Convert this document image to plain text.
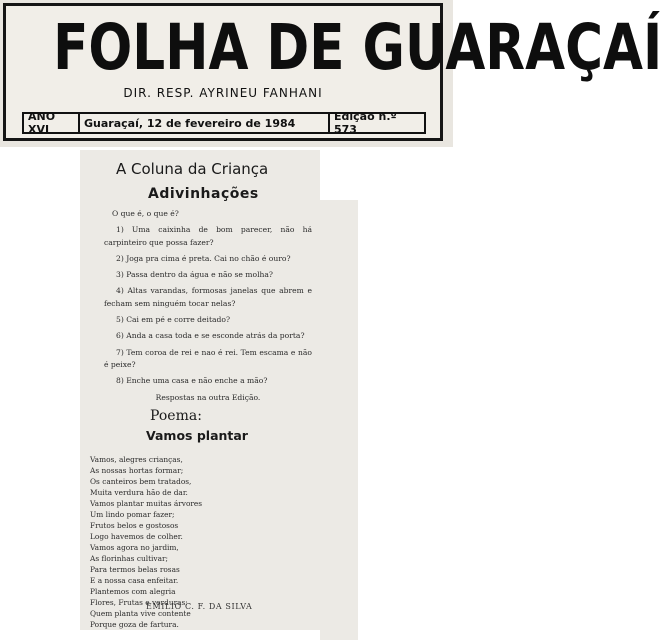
FOLHA DE GUARAÇAÍ
DIR. RESP. AYRINEU FANHANI
ANO XVI	Guaraçaí, 12 de fevereiro de 1984	Edição n.º 573
A Coluna da Criança
Adivinhações

O que é, o que é?

1) Uma caixinha de bom parecer, não há carpinteiro que possa fazer?

2) Joga pra cima é preta. Cai no chão é ouro?

3) Passa dentro da água e não se molha?

4) Altas varandas, formosas janelas que abrem e fecham sem ninguém tocar nelas?

5) Cai em pé e corre deitado?

6) Anda a casa toda e se esconde atrás da porta?

7) Tem coroa de rei e nao é rei. Tem escama e não é peixe?

8) Enche uma casa e não enche a mão?

Respostas na outra Edição.

Poema:
Vamos plantar
Vamos, alegres crianças,
As nossas hortas formar;
Os canteiros bem tratados,
Muita verdura hão de dar.
Vamos plantar muitas árvores
Um lindo pomar fazer;
Frutos belos e gostosos
Logo havemos de colher.
Vamos agora no jardim,
As florinhas cultivar;
Para termos belas rosas
E a nossa casa enfeitar.
Plantemos com alegria
Flores, Frutas e verduras;
Quem planta vive contente
Porque goza de fartura.
EMILIO C. F. DA SILVA
